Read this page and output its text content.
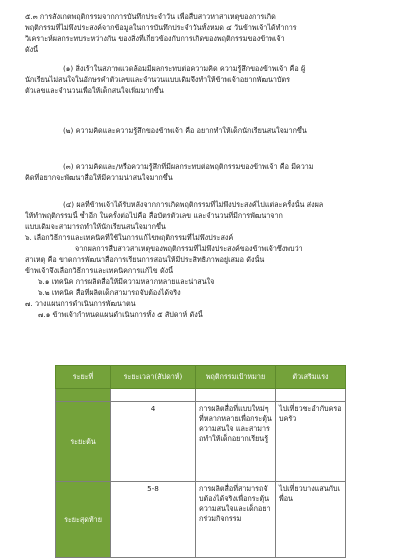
๕.๓ การสังเกตพฤติกรรมจากการบันทึกประจำวัน เพื่อสืบสาวหาสาเหตุของการเกิด
พฤติกรรมที่ไม่พึงประสงค์จากข้อมูลในการบันทึกประจำวันทั้งหมด ๔ วันข้าพเจ้าได้ทำการ
วิเคราะห์ผลกระทบระหว่างกัน ของสิ่งที่เกี่ยวข้องกับการเกิดของพฤติกรรมของข้าพเจ้า
ดังนี้
(๑) สิ่งเร้าในสภาพแวดล้อมมีผลกระทบต่อความคิด ความรู้สึกของข้าพเจ้า คือ ผู้
นักเรียนไม่สนใจในอักษรคำตัวเลขและจำนวนแบบเดิมจึงทำให้ข้าพเจ้าอยากพัฒนาบัตร
ตัวเลขและจำนวนเพื่อให้เด็กสนใจเพิ่มมากขึ้น
(๒) ความคิดและความรู้สึกของข้าพเจ้า คือ อยากทำให้เด็กนักเรียนสนใจมากขึ้น
(๓) ความคิดและ/หรือความรู้สึกที่มีผลกระทบต่อพฤติกรรมของข้าพเจ้า คือ มีความ
คิดที่อยากจะพัฒนาสื่อให้มีความน่าสนใจมากขึ้น
(๔) ผลที่ข้าพเจ้าได้รับหลังจากการเกิดพฤติกรรมที่ไม่พึงประสงค์ไปแต่ละครั้งนั้น ส่งผล
ให้ทำพฤติกรรมนี้ ซ้ำอีก ในครั้งต่อไปคือ สื่อบัตรตัวเลข และจำนวนที่มีการพัฒนาจาก
แบบเดิมจะสามารถทำให้นักเรียนสนใจมากขึ้น
๖. เลือกวิธีการและเทคนิคที่ใช้ในการแก้ไขพฤติกรรมที่ไม่พึงประสงค์
จากผลการสืบสาวสาเหตุของพฤติกรรมที่ไม่พึงประสงค์ของข้าพเจ้าซึ่งพบว่า
สาเหตุ คือ ขาดการพัฒนาสื่อการเรียนการสอนให้มีประสิทธิภาพอยู่เสมอ ดังนั้น
ข้าพเจ้าจึงเลือกวิธีการและเทคนิคการแก้ไข ดังนี้
๖.๑ เทคนิค การผลิตสื่อให้มีความหลากหลายและน่าสนใจ
๖.๒ เทคนิค สื่อที่ผลิตเด็กสามารถจับต้องได้จริง
๗. วางแผนการดำเนินการพัฒนาตน
๗.๑ ข้าพเจ้ากำหนดแผนดำเนินการทั้ง ๕ สัปดาห์ ดังนี้
ระยะที่	ระยะเวลา(สัปดาห์)	พฤติกรรมเป้าหมาย	ตัวเสริมแรง

ระยะต้น	4	การผลิตสื่อที่แบบใหม่ๆที่หลากหลายเพื่อกระตุ้นความสนใจ และสามารถทำให้เด็กอยากเรียนรู้	ไปเที่ยวชะอำกับครอบครัว
ระยะสุดท้าย	5-8	การผลิตสื่อที่สามารถจับต้องได้จริงเพื่อกระตุ้นความสนใจและเด็กอยากร่วมกิจกรรม	ไปเที่ยวบางแสนกับเพื่อน
